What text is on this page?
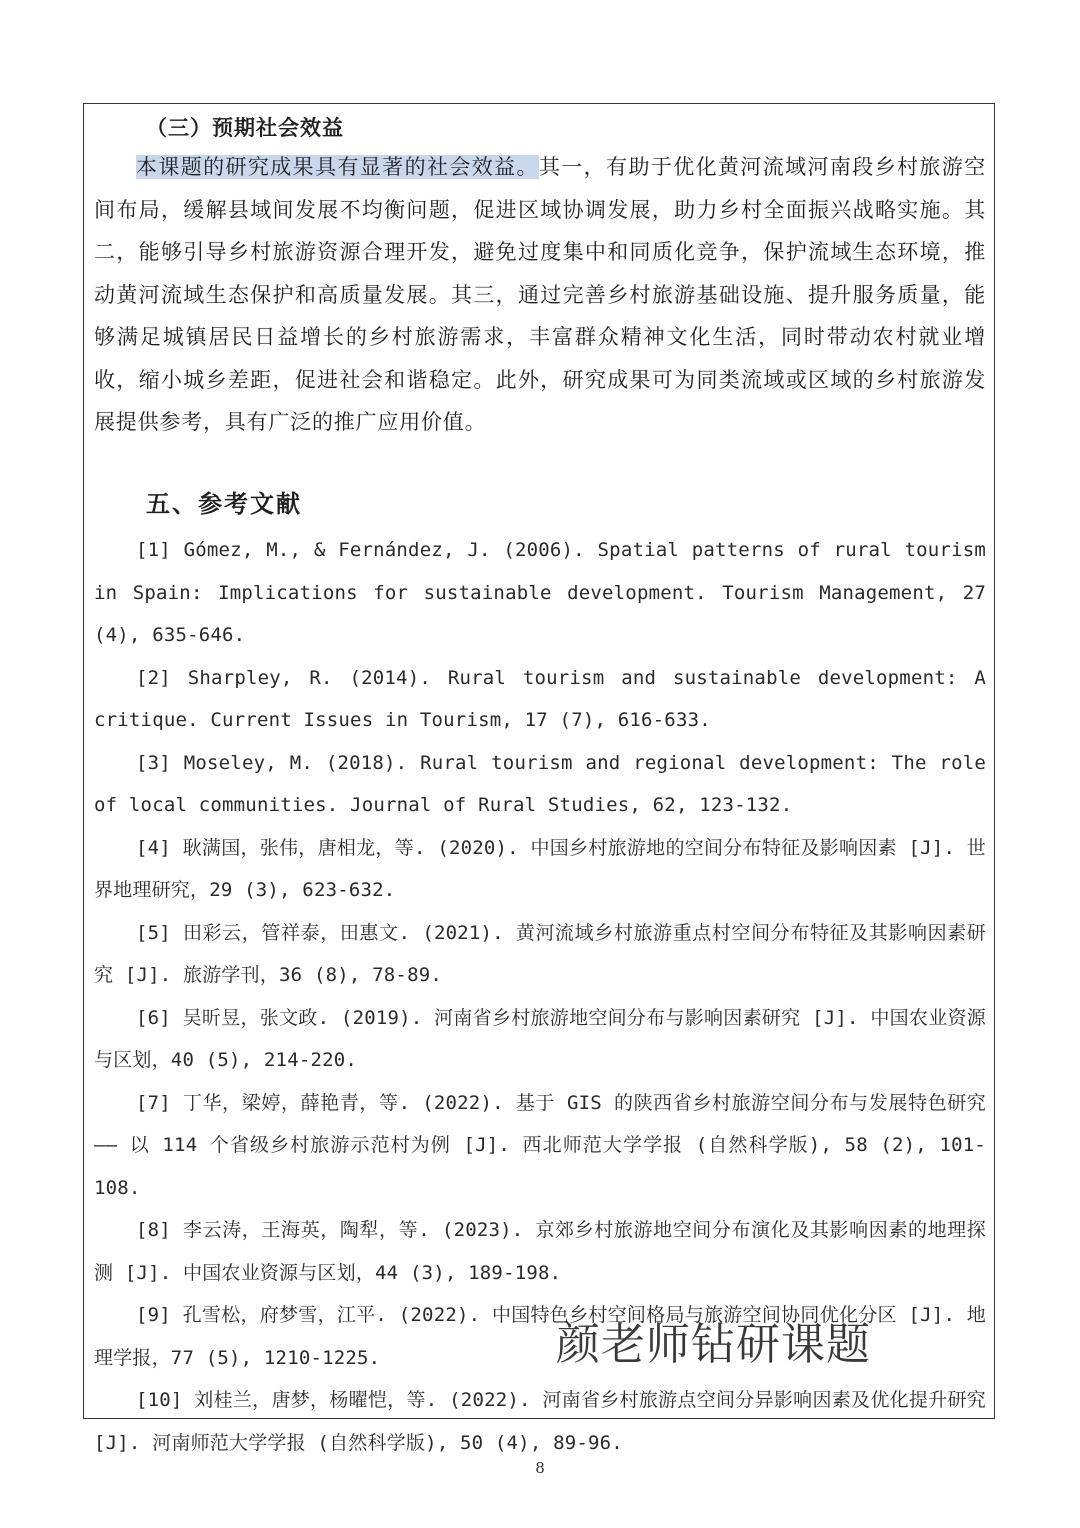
（三）预期社会效益

本课题的研究成果具有显著的社会效益。其一，有助于优化黄河流域河南段乡村旅游空间布局，缓解县域间发展不均衡问题，促进区域协调发展，助力乡村全面振兴战略实施。其二，能够引导乡村旅游资源合理开发，避免过度集中和同质化竞争，保护流域生态环境，推动黄河流域生态保护和高质量发展。其三，通过完善乡村旅游基础设施、提升服务质量，能够满足城镇居民日益增长的乡村旅游需求，丰富群众精神文化生活，同时带动农村就业增收，缩小城乡差距，促进社会和谐稳定。此外，研究成果可为同类流域或区域的乡村旅游发展提供参考，具有广泛的推广应用价值。

五、参考文献
[1] Gómez, M., & Fernández, J. (2006). Spatial patterns of rural tourism in Spain: Implications for sustainable development. Tourism Management, 27 (4), 635-646.
[2] Sharpley, R. (2014). Rural tourism and sustainable development: A critique. Current Issues in Tourism, 17 (7), 616-633.
[3] Moseley, M. (2018). Rural tourism and regional development: The role of local communities. Journal of Rural Studies, 62, 123-132.
[4] 耿满国，张伟，唐相龙，等. (2020). 中国乡村旅游地的空间分布特征及影响因素 [J]. 世界地理研究，29 (3), 623-632.
[5] 田彩云，管祥泰，田惠文. (2021). 黄河流域乡村旅游重点村空间分布特征及其影响因素研究 [J]. 旅游学刊，36 (8), 78-89.
[6] 吴昕昱，张文政. (2019). 河南省乡村旅游地空间分布与影响因素研究 [J]. 中国农业资源与区划，40 (5), 214-220.
[7] 丁华，梁婷，薛艳青，等. (2022). 基于 GIS 的陕西省乡村旅游空间分布与发展特色研究 —— 以 114 个省级乡村旅游示范村为例 [J]. 西北师范大学学报 (自然科学版), 58 (2), 101-108.
[8] 李云涛，王海英，陶犁，等. (2023). 京郊乡村旅游地空间分布演化及其影响因素的地理探测 [J]. 中国农业资源与区划，44 (3), 189-198.
[9] 孔雪松，府梦雪，江平. (2022). 中国特色乡村空间格局与旅游空间协同优化分区 [J]. 地理学报，77 (5), 1210-1225.
[10] 刘桂兰，唐梦，杨曜恺，等. (2022). 河南省乡村旅游点空间分异影响因素及优化提升研究 [J]. 河南师范大学学报 (自然科学版), 50 (4), 89-96.
颜老师钻研课题
8
